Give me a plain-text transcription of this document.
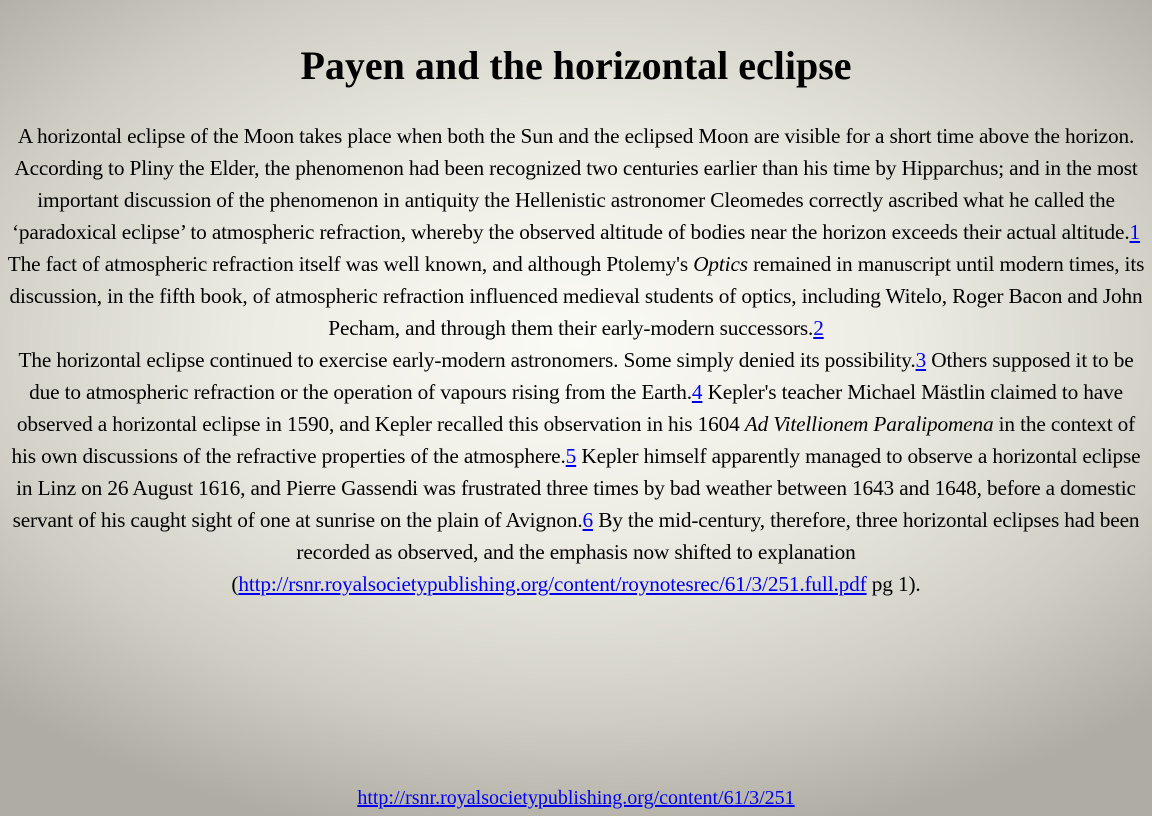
Payen and the horizontal eclipse

A horizontal eclipse of the Moon takes place when both the Sun and the eclipsed Moon are visible for a short time above the horizon. According to Pliny the Elder, the phenomenon had been recognized two centuries earlier than his time by Hipparchus; and in the most important discussion of the phenomenon in antiquity the Hellenistic astronomer Cleomedes correctly ascribed what he called the ‘paradoxical eclipse’ to atmospheric refraction, whereby the observed altitude of bodies near the horizon exceeds their actual altitude.1 The fact of atmospheric refraction itself was well known, and although Ptolemy's Optics remained in manuscript until modern times, its discussion, in the fifth book, of atmospheric refraction influenced medieval students of optics, including Witelo, Roger Bacon and John Pecham, and through them their early-modern successors.2

The horizontal eclipse continued to exercise early-modern astronomers. Some simply denied its possibility.3 Others supposed it to be due to atmospheric refraction or the operation of vapours rising from the Earth.4 Kepler's teacher Michael Mästlin claimed to have observed a horizontal eclipse in 1590, and Kepler recalled this observation in his 1604 Ad Vitellionem Paralipomena in the context of his own discussions of the refractive properties of the atmosphere.5 Kepler himself apparently managed to observe a horizontal eclipse in Linz on 26 August 1616, and Pierre Gassendi was frustrated three times by bad weather between 1643 and 1648, before a domestic servant of his caught sight of one at sunrise on the plain of Avignon.6 By the mid-century, therefore, three horizontal eclipses had been recorded as observed, and the emphasis now shifted to explanation (http://rsnr.royalsocietypublishing.org/content/roynotesrec/61/3/251.full.pdf pg 1).

http://rsnr.royalsocietypublishing.org/content/61/3/251
